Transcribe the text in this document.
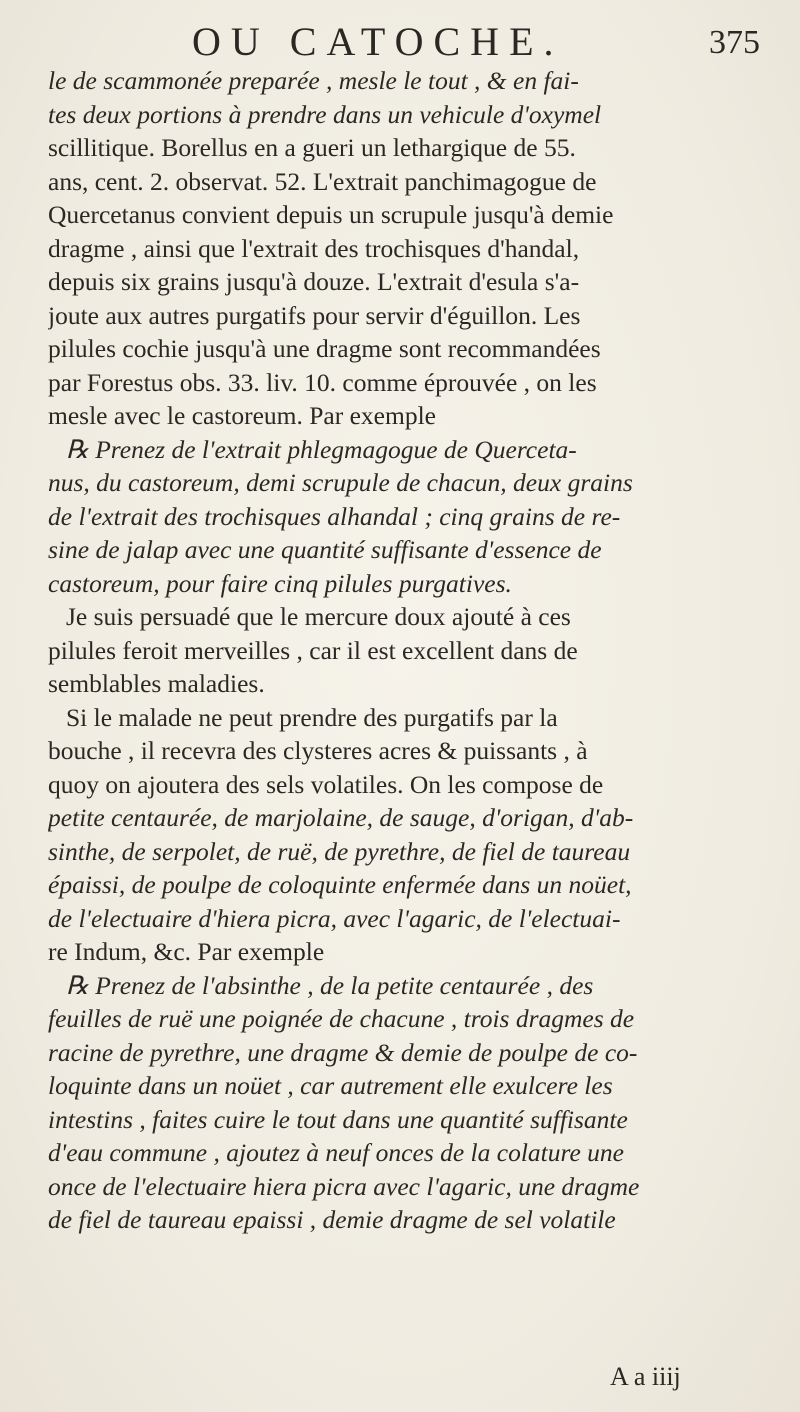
OU CATOCHE.	375
le de scammonée preparée , mesle le tout , & en fai-
tes deux portions à prendre dans un vehicule d'oxymel
scillitique. Borellus en a gueri un lethargique de 55.
ans, cent. 2. observat. 52. L'extrait panchimagogue de
Quercetanus convient depuis un scrupule jusqu'à demie
dragme , ainsi que l'extrait des trochisques d'handal,
depuis six grains jusqu'à douze. L'extrait d'esula s'a-
joute aux autres purgatifs pour servir d'éguillon. Les
pilules cochie jusqu'à une dragme sont recommandées
par Forestus obs. 33. liv. 10. comme éprouvée , on les
mesle avec le castoreum. Par exemple
℞ Prenez de l'extrait phlegmagogue de Querceta-
nus, du castoreum, demi scrupule de chacun, deux grains
de l'extrait des trochisques alhandal ; cinq grains de re-
sine de jalap avec une quantité suffisante d'essence de
castoreum, pour faire cinq pilules purgatives.
Je suis persuadé que le mercure doux ajouté à ces
pilules feroit merveilles , car il est excellent dans de
semblables maladies.
Si le malade ne peut prendre des purgatifs par la
bouche , il recevra des clysteres acres & puissants , à
quoy on ajoutera des sels volatiles. On les compose de
petite centaurée, de marjolaine, de sauge, d'origan, d'ab-
sinthe, de serpolet, de ruë, de pyrethre, de fiel de taureau
épaissi, de poulpe de coloquinte enfermée dans un noüet,
de l'electuaire d'hiera picra, avec l'agaric, de l'electuai-
re Indum, &c. Par exemple
℞ Prenez de l'absinthe , de la petite centaurée , des
feuilles de ruë une poignée de chacune , trois dragmes de
racine de pyrethre, une dragme & demie de poulpe de co-
loquinte dans un noüet , car autrement elle exulcere les
intestins , faites cuire le tout dans une quantité suffisante
d'eau commune , ajoutez à neuf onces de la colature une
once de l'electuaire hiera picra avec l'agaric, une dragme
de fiel de taureau epaissi , demie dragme de sel volatile
A a iiij
